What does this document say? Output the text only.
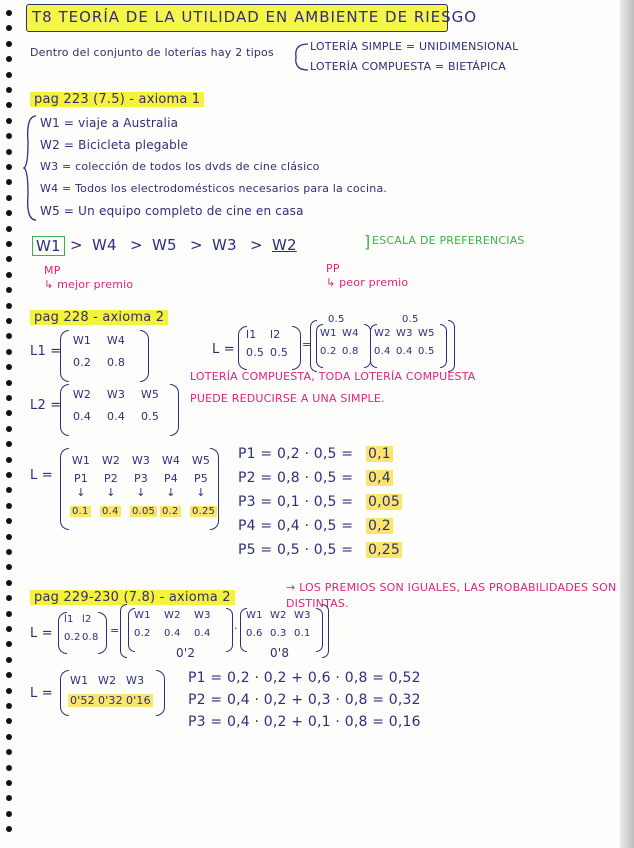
T8 TEORÍA DE LA UTILIDAD EN AMBIENTE DE RIESGO
Dentro del conjunto de loterías hay 2 tipos	LOTERÍA SIMPLE = UNIDIMENSIONAL
LOTERÍA COMPUESTA = BIETÁPICA
pag 223 (7.5) - axioma 1
W1 = viaje a Australia
W2 = Bicicleta plegable
W3 = colección de todos los dvds de cine clásico
W4 = Todos los electrodomésticos necesarios para la cocina.
W5 = Un equipo completo de cine en casa
W1 > W4 > W5 > W3 > W2	] ESCALA DE PREFERENCIAS
MP
↳ mejor premio
PP
↳ peor premio
pag 228 - axioma 2
L1 =
W1	W4
0.2	0.8
L2 =
W2	W3	W5
0.4	0.4	0.5
L =
l1 l2
0.5 0.5
=
0.5	0.5
W1 W4
0.2 0.8
W2 W3 W5
0.4 0.4 0.5
L =
W1	W2	W3	W4	W5
P1	P2	P3	P4	P5
↓	↓	↓	↓	↓
0.1 0.4 0.05 0.2 0.25
LOTERÍA COMPUESTA, TODA LOTERÍA COMPUESTA
PUEDE REDUCIRSE A UNA SIMPLE.
P1 = 0,2 · 0,5 = 0,1
P2 = 0,8 · 0,5 = 0,4
P3 = 0,1 · 0,5 = 0,05
P4 = 0,4 · 0,5 = 0,2
P5 = 0,5 · 0,5 = 0,25
pag 229-230 (7.8) - axioma 2
→ LOS PREMIOS SON IGUALES, LAS PROBABILIDADES SON DISTINTAS.
L =
l1 l2
0.2 0.8
=
W1 W2 W3
0.2 0.4 0.4 ·
W1 W2 W3
0.6 0.3 0.1
0'2	0'8
L =
W1 W2 W3
0'52 0'32 0'16
P1 = 0,2 · 0,2 + 0,6 · 0,8 = 0,52
P2 = 0,4 · 0,2 + 0,3 · 0,8 = 0,32
P3 = 0,4 · 0,2 + 0,1 · 0,8 = 0,16
